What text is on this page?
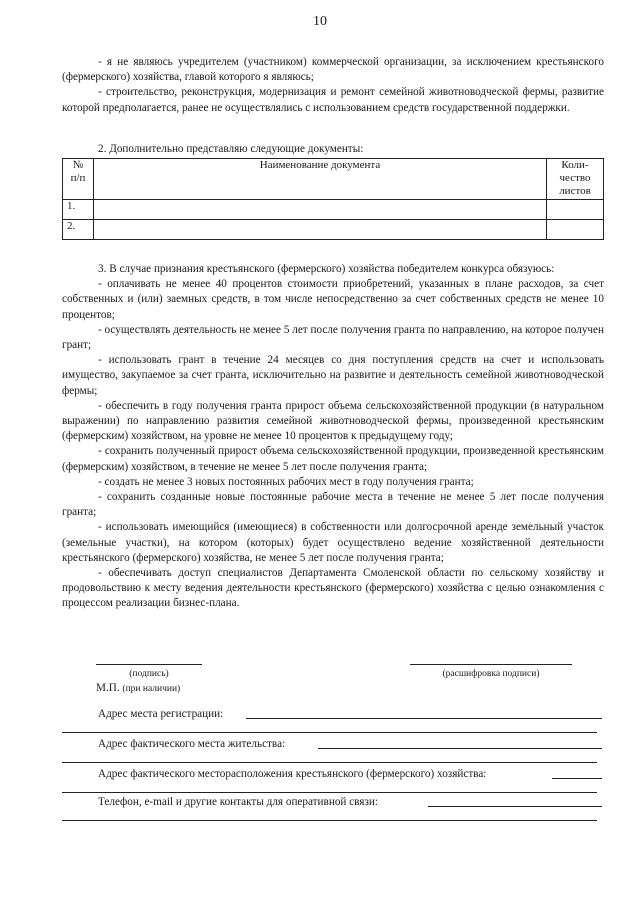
10

- я не являюсь учредителем (участником) коммерческой организации, за исключением крестьянского (фермерского) хозяйства, главой которого я являюсь;

- строительство, реконструкция, модернизация и ремонт семейной животноводческой фермы, развитие которой предполагается, ранее не осуществлялись с использованием средств государственной поддержки.

2. Дополнительно представляю следующие документы:

№ п/п	Наименование документа	Коли-чество листов
1.		
2.		

3. В случае признания крестьянского (фермерского) хозяйства победителем конкурса обязуюсь:

- оплачивать не менее 40 процентов стоимости приобретений, указанных в плане расходов, за счет собственных и (или) заемных средств, в том числе непосредственно за счет собственных средств не менее 10 процентов;

- осуществлять деятельность не менее 5 лет после получения гранта по направлению, на которое получен грант;

- использовать грант в течение 24 месяцев со дня поступления средств на счет и использовать имущество, закупаемое за счет гранта, исключительно на развитие и деятельность семейной животноводческой фермы;

- обеспечить в году получения гранта прирост объема сельскохозяйственной продукции (в натуральном выражении) по направлению развития семейной животноводческой фермы, произведенной крестьянским (фермерским) хозяйством, на уровне не менее 10 процентов к предыдущему году;

- сохранить полученный прирост объема сельскохозяйственной продукции, произведенной крестьянским (фермерским) хозяйством, в течение не менее 5 лет после получения гранта;

- создать не менее 3 новых постоянных рабочих мест в году получения гранта;

- сохранить созданные новые постоянные рабочие места в течение не менее 5 лет после получения гранта;

- использовать имеющийся (имеющиеся) в собственности или долгосрочной аренде земельный участок (земельные участки), на котором (которых) будет осуществлено ведение хозяйственной деятельности крестьянского (фермерского) хозяйства, не менее 5 лет после получения гранта;

- обеспечивать доступ специалистов Департамента Смоленской области по сельскому хозяйству и продовольствию к месту ведения деятельности крестьянского (фермерского) хозяйства с целью ознакомления с процессом реализации бизнес-плана.

(подпись)	(расшифровка подписи)
М.П. (при наличии)
Адрес места регистрации:
Адрес фактического места жительства:
Адрес фактического месторасположения крестьянского (фермерского) хозяйства:
Телефон, e-mail и другие контакты для оперативной связи:
